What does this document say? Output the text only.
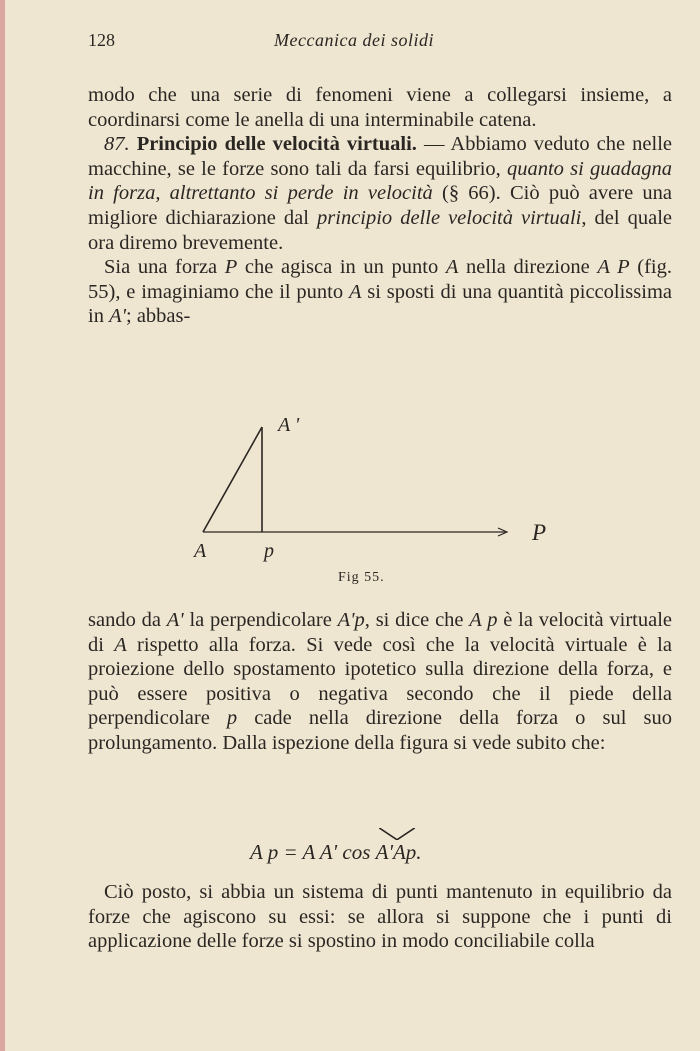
128	Meccanica dei solidi

modo che una serie di fenomeni viene a collegarsi insieme, a coordinarsi come le anella di una interminabile catena.

87. Principio delle velocità virtuali. — Abbiamo veduto che nelle macchine, se le forze sono tali da farsi equilibrio, quanto si guadagna in forza, altrettanto si perde in velocità (§ 66). Ciò può avere una migliore dichiarazione dal principio delle velocità virtuali, del quale ora diremo brevemente.

Sia una forza P che agisca in un punto A nella direzione A P (fig. 55), e imaginiamo che il punto A si sposti di una quantità piccolissima in A'; abbas-

A '
A	p
P
Fig 55.

sando da A' la perpendicolare A'p, si dice che A p è la velocità virtuale di A rispetto alla forza. Si vede così che la velocità virtuale è la proiezione dello spostamento ipotetico sulla direzione della forza, e può essere positiva o negativa secondo che il piede della perpendicolare p cade nella direzione della forza o sul suo prolungamento. Dalla ispezione della figura si vede subito che:

A p = A A' cos A'Ap.

Ciò posto, si abbia un sistema di punti mantenuto in equilibrio da forze che agiscono su essi: se allora si suppone che i punti di applicazione delle forze si spostino in modo conciliabile colla
